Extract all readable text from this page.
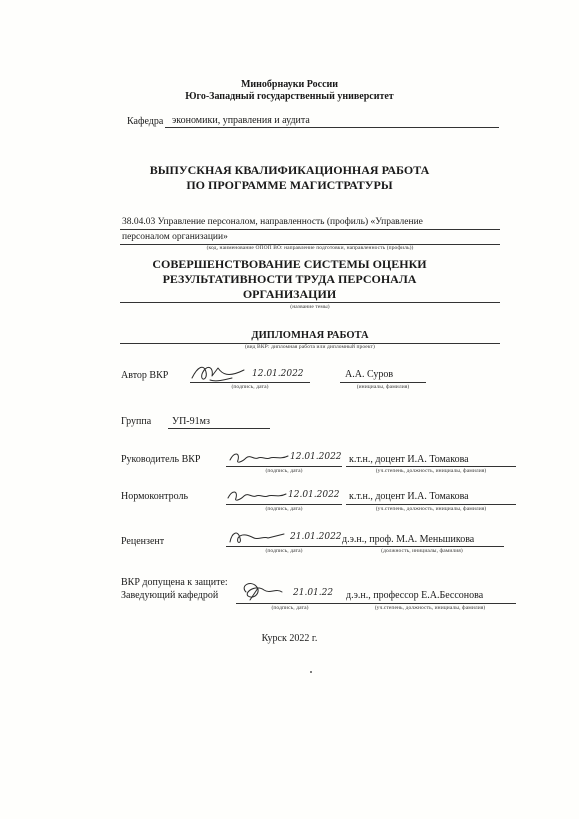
Минобрнауки России
Юго-Западный государственный университет
Кафедра экономики, управления и аудита
ВЫПУСКНАЯ КВАЛИФИКАЦИОННАЯ РАБОТА
ПО ПРОГРАММЕ МАГИСТРАТУРЫ
38.04.03 Управление персоналом, направленность (профиль) «Управление
персоналом организации»
(код, наименование ОПОП ВО: направление подготовки, направленность (профиль))
СОВЕРШЕНСТВОВАНИЕ СИСТЕМЫ ОЦЕНКИ
РЕЗУЛЬТАТИВНОСТИ ТРУДА ПЕРСОНАЛА
ОРГАНИЗАЦИИ
(название темы)
ДИПЛОМНАЯ РАБОТА
(вид ВКР: дипломная работа или дипломный проект)
Автор ВКР	12.01.2022
(подпись, дата)
А.А. Суров
(инициалы, фамилия)
Группа УП-91мз
Руководитель ВКР	12.01.2022
(подпись, дата)
к.т.н., доцент И.А. Томакова
(уч.степень, должность, инициалы, фамилия)
Нормоконтроль	12.01.2022
(подпись, дата)
к.т.н., доцент И.А. Томакова
(уч.степень, должность, инициалы, фамилия)
Рецензент	21.01.2022
(подпись, дата)
д.э.н., проф. М.А. Меньшикова
(должность, инициалы, фамилия)
ВКР допущена к защите:
Заведующий кафедрой	21.01.22
(подпись, дата)
д.э.н., профессор Е.А.Бессонова
(уч.степень, должность, инициалы, фамилия)
Курск 2022 г.
